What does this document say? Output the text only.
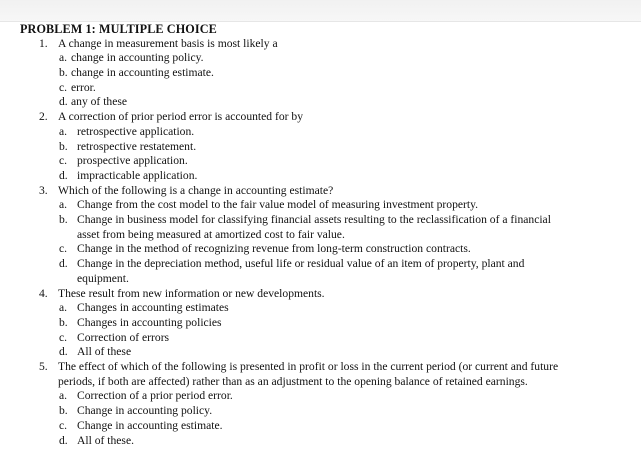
PROBLEM 1: MULTIPLE CHOICE
1. A change in measurement basis is most likely a
a. change in accounting policy.
b. change in accounting estimate.
c. error.
d. any of these
2. A correction of prior period error is accounted for by
a. retrospective application.
b. retrospective restatement.
c. prospective application.
d. impracticable application.
3. Which of the following is a change in accounting estimate?
a. Change from the cost model to the fair value model of measuring investment property.
b. Change in business model for classifying financial assets resulting to the reclassification of a financial
asset from being measured at amortized cost to fair value.
c. Change in the method of recognizing revenue from long-term construction contracts.
d. Change in the depreciation method, useful life or residual value of an item of property, plant and
equipment.
4. These result from new information or new developments.
a. Changes in accounting estimates
b. Changes in accounting policies
c. Correction of errors
d. All of these
5. The effect of which of the following is presented in profit or loss in the current period (or current and future
periods, if both are affected) rather than as an adjustment to the opening balance of retained earnings.
a. Correction of a prior period error.
b. Change in accounting policy.
c. Change in accounting estimate.
d. All of these.
